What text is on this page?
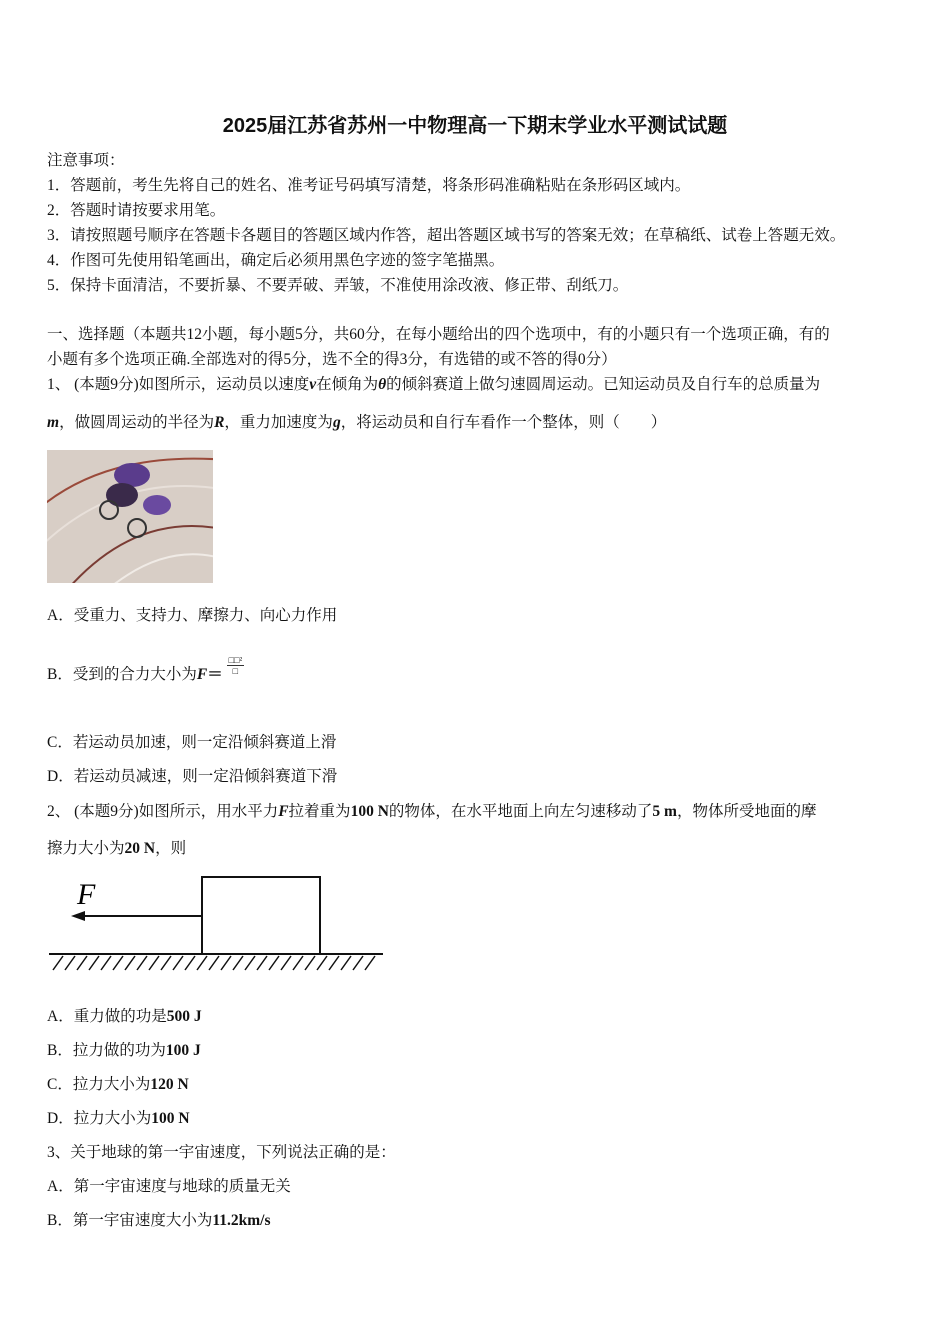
2025届江苏省苏州一中物理高一下期末学业水平测试试题
注意事项：
1．答题前，考生先将自己的姓名、准考证号码填写清楚，将条形码准确粘贴在条形码区域内。
2．答题时请按要求用笔。
3．请按照题号顺序在答题卡各题目的答题区域内作答，超出答题区域书写的答案无效；在草稿纸、试卷上答题无效。
4．作图可先使用铅笔画出，确定后必须用黑色字迹的签字笔描黑。
5．保持卡面清洁，不要折暴、不要弄破、弄皱，不准使用涂改液、修正带、刮纸刀。
一、选择题（本题共12小题，每小题5分，共60分，在每小题给出的四个选项中，有的小题只有一个选项正确，有的
小题有多个选项正确.全部选对的得5分，选不全的得3分，有选错的或不答的得0分）
1、 (本题9分)如图所示，运动员以速度v在倾角为θ的倾斜赛道上做匀速圆周运动。已知运动员及自行车的总质量为
m，做圆周运动的半径为R，重力加速度为g，将运动员和自行车看作一个整体，则（　　）
A．受重力、支持力、摩擦力、向心力作用
B．受到的合力大小为$F= \frac{\text{□□²}}{□}$
C．若运动员加速，则一定沿倾斜赛道上滑
D．若运动员减速，则一定沿倾斜赛道下滑
2、 (本题9分)如图所示，用水平力F拉着重为100 N的物体，在水平地面上向左匀速移动了5 m，物体所受地面的摩
擦力大小为20 N，则
F
A．重力做的功是500 J
B．拉力做的功为100 J
C．拉力大小为120 N
D．拉力大小为100 N
3、关于地球的第一宇宙速度，下列说法正确的是：
A．第一宇宙速度与地球的质量无关
B．第一宇宙速度大小为11.2km/s
